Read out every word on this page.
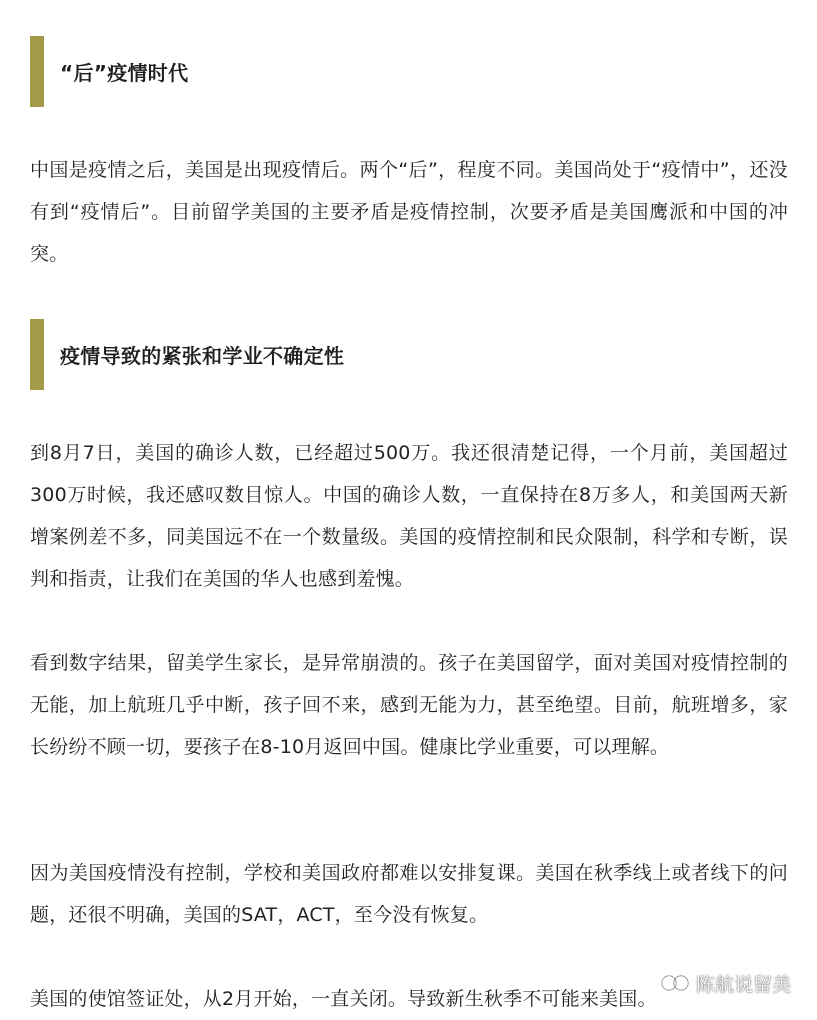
“后”疫情时代

中国是疫情之后，美国是出现疫情后。两个“后”，程度不同。美国尚处于“疫情中”，还没有到“疫情后”。目前留学美国的主要矛盾是疫情控制，次要矛盾是美国鹰派和中国的冲突。

疫情导致的紧张和学业不确定性

到8月7日，美国的确诊人数，已经超过500万。我还很清楚记得，一个月前，美国超过300万时候，我还感叹数目惊人。中国的确诊人数，一直保持在8万多人，和美国两天新增案例差不多，同美国远不在一个数量级。美国的疫情控制和民众限制，科学和专断，误判和指责，让我们在美国的华人也感到羞愧。

看到数字结果，留美学生家长，是异常崩溃的。孩子在美国留学，面对美国对疫情控制的无能，加上航班几乎中断，孩子回不来，感到无能为力，甚至绝望。目前，航班增多，家长纷纷不顾一切，要孩子在8-10月返回中国。健康比学业重要，可以理解。

因为美国疫情没有控制，学校和美国政府都难以安排复课。美国在秋季线上或者线下的问题，还很不明确，美国的SAT，ACT，至今没有恢复。

美国的使馆签证处，从2月开始，一直关闭。导致新生秋季不可能来美国。

陈航说留美
